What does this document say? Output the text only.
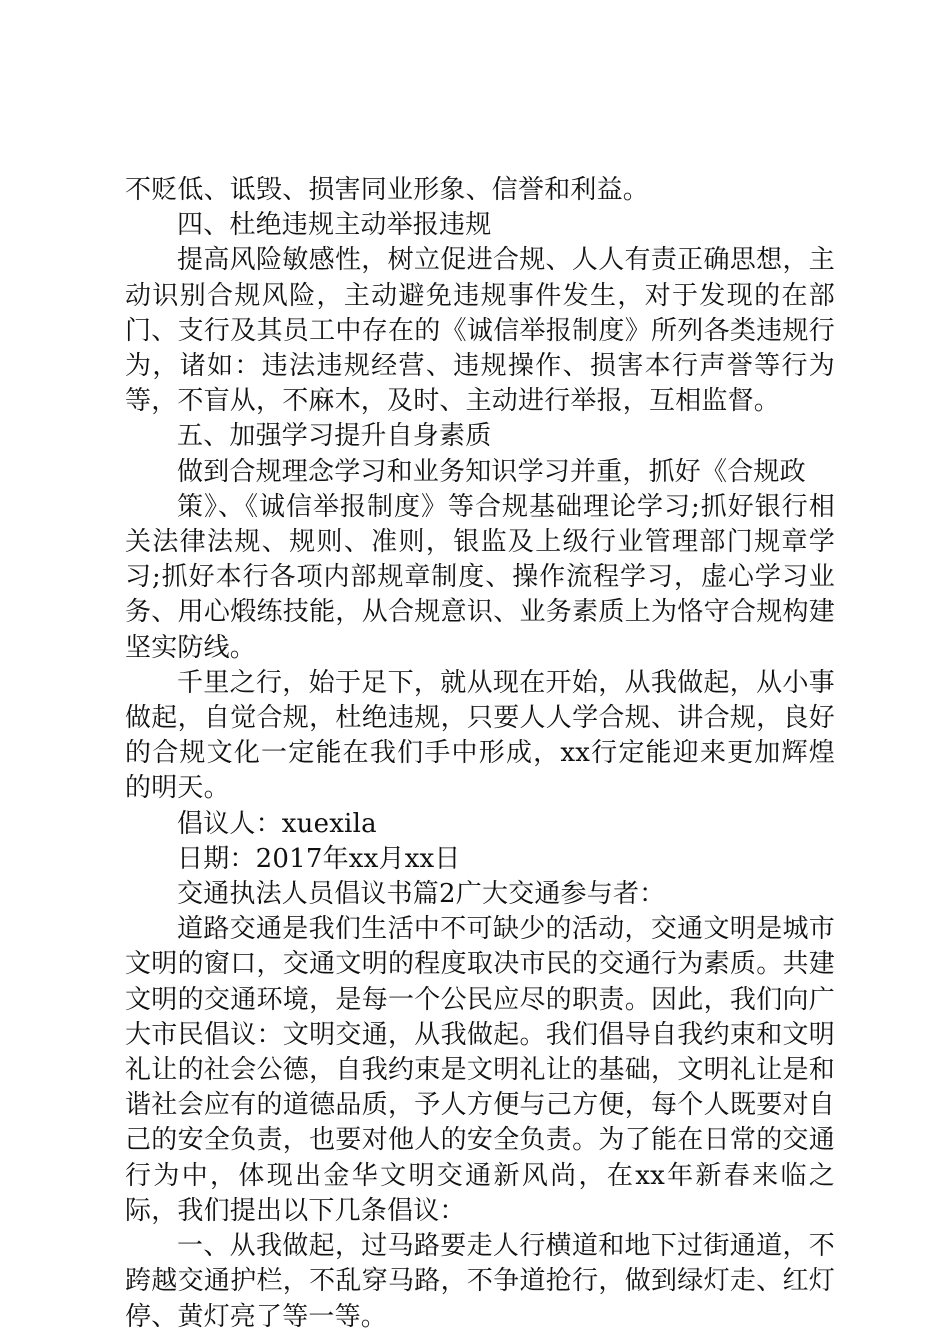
不贬低、诋毁、损害同业形象、信誉和利益。

四、杜绝违规主动举报违规

提高风险敏感性，树立促进合规、人人有责正确思想，主动识别合规风险，主动避免违规事件发生，对于发现的在部门、支行及其员工中存在的《诚信举报制度》所列各类违规行为，诸如：违法违规经营、违规操作、损害本行声誉等行为等，不盲从，不麻木，及时、主动进行举报，互相监督。

五、加强学习提升自身素质

做到合规理念学习和业务知识学习并重，抓好《合规政

策》、《诚信举报制度》等合规基础理论学习;抓好银行相关法律法规、规则、准则，银监及上级行业管理部门规章学习;抓好本行各项内部规章制度、操作流程学习，虚心学习业务、用心煅练技能，从合规意识、业务素质上为恪守合规构建坚实防线。

千里之行，始于足下，就从现在开始，从我做起，从小事做起，自觉合规，杜绝违规，只要人人学合规、讲合规，良好的合规文化一定能在我们手中形成，xx行定能迎来更加辉煌的明天。

倡议人：xuexila

日期：2017年xx月xx日

交通执法人员倡议书篇2广大交通参与者：

道路交通是我们生活中不可缺少的活动，交通文明是城市文明的窗口，交通文明的程度取决市民的交通行为素质。共建文明的交通环境，是每一个公民应尽的职责。因此，我们向广大市民倡议：文明交通，从我做起。我们倡导自我约束和文明礼让的社会公德，自我约束是文明礼让的基础，文明礼让是和谐社会应有的道德品质，予人方便与己方便，每个人既要对自己的安全负责，也要对他人的安全负责。为了能在日常的交通行为中，体现出金华文明交通新风尚，在xx年新春来临之际，我们提出以下几条倡议：

一、从我做起，过马路要走人行横道和地下过街通道，不跨越交通护栏，不乱穿马路，不争道抢行，做到绿灯走、红灯停、黄灯亮了等一等。
